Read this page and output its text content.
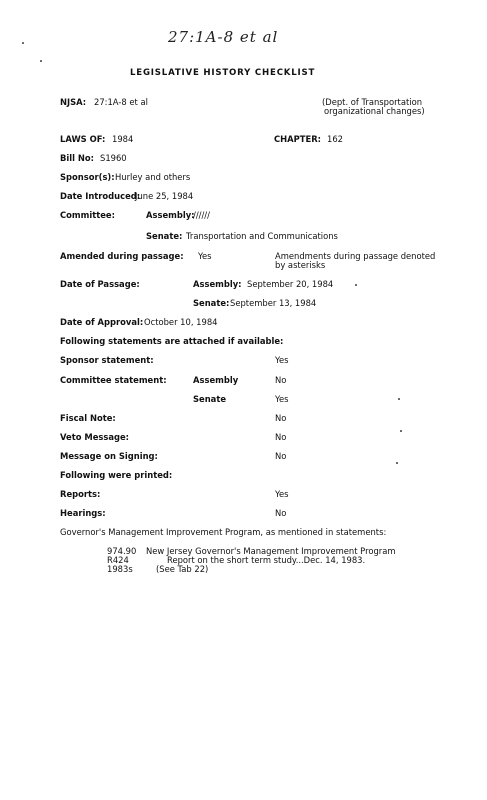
27:1A-8 et al
LEGISLATIVE HISTORY CHECKLIST
NJSA: 27:1A-8 et al	(Dept. of Transportation
organizational changes)
LAWS OF: 1984	CHAPTER: 162
Bill No: S1960
Sponsor(s): Hurley and others
Date Introduced:
June 25, 1984
Committee:	Assembly:
//////
Senate: Transportation and Communications
Amended during passage: Yes	Amendments during passage denoted
by asterisks
Date of Passage:	Assembly: September 20, 1984
Senate: September 13, 1984
Date of Approval: October 10, 1984
Following statements are attached if available:
Sponsor statement:	Yes
Committee statement:	Assembly	No
Senate	Yes
Fiscal Note:	No
Veto Message:	No
Message on Signing:	No
Following were printed:
Reports:	Yes
Hearings:	No
Governor's Management Improvement Program, as mentioned in statements:
974.90 New Jersey Governor's Management Improvement Program
R424	Report on the short term study...Dec. 14, 1983.
1983s	(See Tab 22)
